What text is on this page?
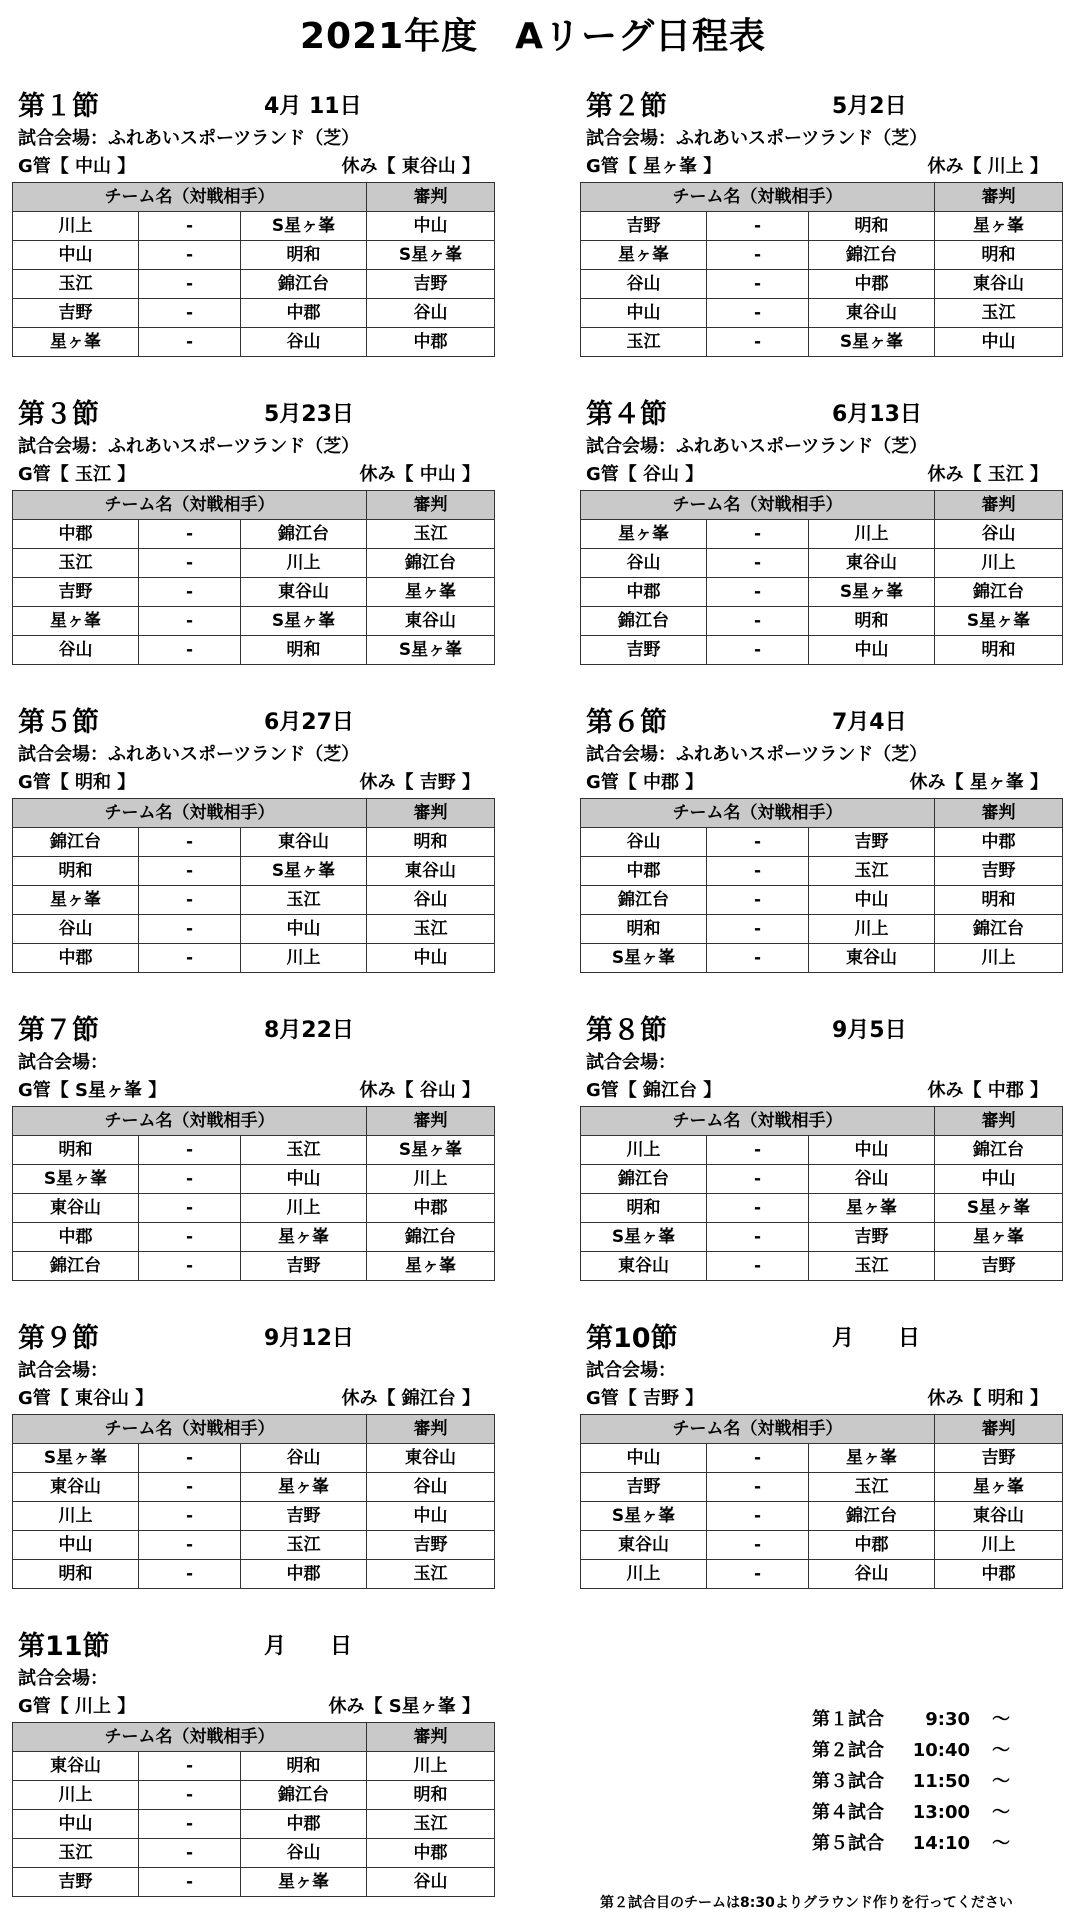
2021年度　Aリーグ日程表
第１節	4月 11日
試合会場：ふれあいスポーツランド（芝）
G管【 中山 】	休み【 東谷山 】
チーム名（対戦相手）			審判
川上	-	S星ヶ峯	中山
中山	-	明和	S星ヶ峯
玉江	-	錦江台	吉野
吉野	-	中郡	谷山
星ヶ峯	-	谷山	中郡
第２節	5月2日
試合会場：ふれあいスポーツランド（芝）
G管【 星ヶ峯 】	休み【 川上 】
チーム名（対戦相手）			審判
吉野	-	明和	星ヶ峯
星ヶ峯	-	錦江台	明和
谷山	-	中郡	東谷山
中山	-	東谷山	玉江
玉江	-	S星ヶ峯	中山
第３節	5月23日
試合会場：ふれあいスポーツランド（芝）
G管【 玉江 】	休み【 中山 】
チーム名（対戦相手）			審判
中郡	-	錦江台	玉江
玉江	-	川上	錦江台
吉野	-	東谷山	星ヶ峯
星ヶ峯	-	S星ヶ峯	東谷山
谷山	-	明和	S星ヶ峯
第４節	6月13日
試合会場：ふれあいスポーツランド（芝）
G管【 谷山 】	休み【 玉江 】
チーム名（対戦相手）			審判
星ヶ峯	-	川上	谷山
谷山	-	東谷山	川上
中郡	-	S星ヶ峯	錦江台
錦江台	-	明和	S星ヶ峯
吉野	-	中山	明和
第５節	6月27日
試合会場：ふれあいスポーツランド（芝）
G管【 明和 】	休み【 吉野 】
チーム名（対戦相手）			審判
錦江台	-	東谷山	明和
明和	-	S星ヶ峯	東谷山
星ヶ峯	-	玉江	谷山
谷山	-	中山	玉江
中郡	-	川上	中山
第６節	7月4日
試合会場：ふれあいスポーツランド（芝）
G管【 中郡 】	休み【 星ヶ峯 】
チーム名（対戦相手）			審判
谷山	-	吉野	中郡
中郡	-	玉江	吉野
錦江台	-	中山	明和
明和	-	川上	錦江台
S星ヶ峯	-	東谷山	川上
第７節	8月22日
試合会場：
G管【 S星ヶ峯 】	休み【 谷山 】
チーム名（対戦相手）			審判
明和	-	玉江	S星ヶ峯
S星ヶ峯	-	中山	川上
東谷山	-	川上	中郡
中郡	-	星ヶ峯	錦江台
錦江台	-	吉野	星ヶ峯
第８節	9月5日
試合会場：
G管【 錦江台 】	休み【 中郡 】
チーム名（対戦相手）			審判
川上	-	中山	錦江台
錦江台	-	谷山	中山
明和	-	星ヶ峯	S星ヶ峯
S星ヶ峯	-	吉野	星ヶ峯
東谷山	-	玉江	吉野
第９節	9月12日
試合会場：
G管【 東谷山 】	休み【 錦江台 】
チーム名（対戦相手）			審判
S星ヶ峯	-	谷山	東谷山
東谷山	-	星ヶ峯	谷山
川上	-	吉野	中山
中山	-	玉江	吉野
明和	-	中郡	玉江
第10節	月　　日
試合会場：
G管【 吉野 】	休み【 明和 】
チーム名（対戦相手）			審判
中山	-	星ヶ峯	吉野
吉野	-	玉江	星ヶ峯
S星ヶ峯	-	錦江台	東谷山
東谷山	-	中郡	川上
川上	-	谷山	中郡
第11節	月　　日
試合会場：
G管【 川上 】	休み【 S星ヶ峯 】
チーム名（対戦相手）			審判
東谷山	-	明和	川上
川上	-	錦江台	明和
中山	-	中郡	玉江
玉江	-	谷山	中郡
吉野	-	星ヶ峯	谷山
第１試合 9:30 ～
第２試合 10:40 ～
第３試合 11:50 ～
第４試合 13:00 ～
第５試合 14:10 ～
第２試合目のチームは8:30よりグラウンド作りを行ってください
